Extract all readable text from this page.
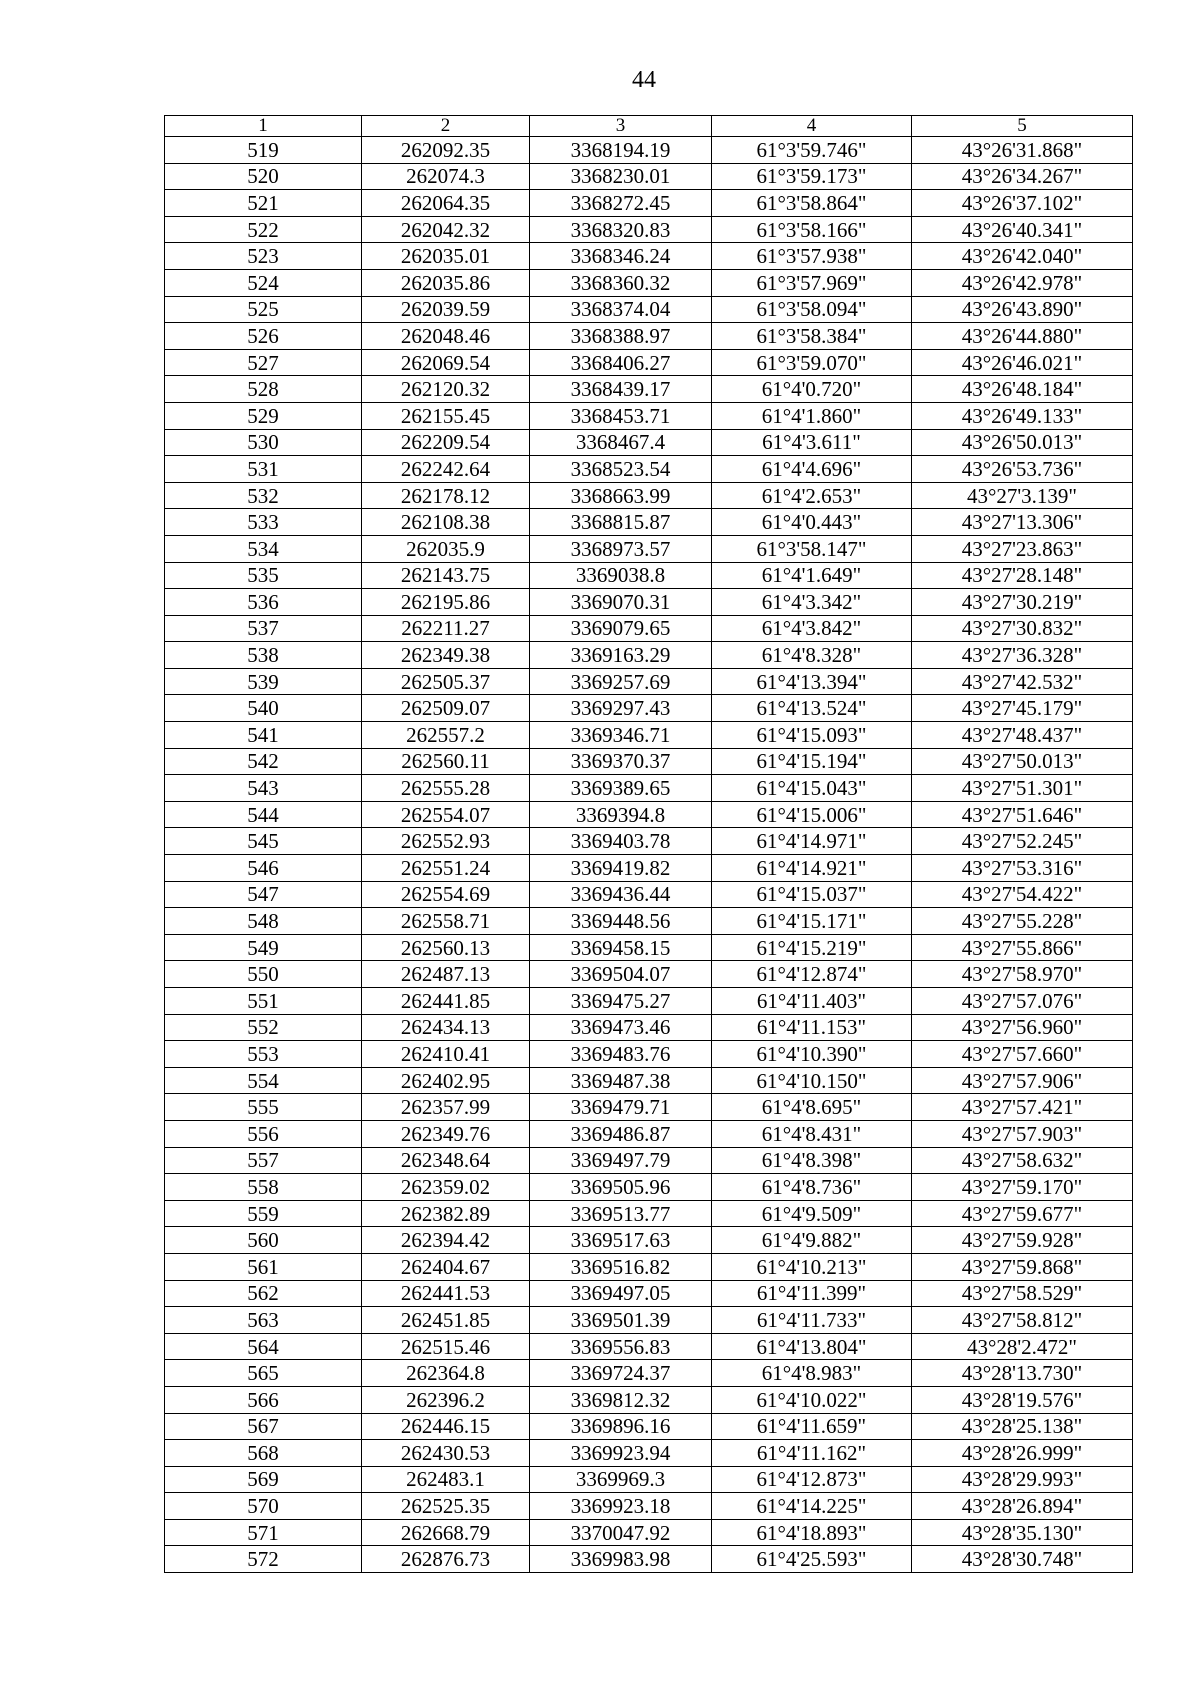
44
1	2	3	4	5
519	262092.35	3368194.19	61°3'59.746"	43°26'31.868"
520	262074.3	3368230.01	61°3'59.173"	43°26'34.267"
521	262064.35	3368272.45	61°3'58.864"	43°26'37.102"
522	262042.32	3368320.83	61°3'58.166"	43°26'40.341"
523	262035.01	3368346.24	61°3'57.938"	43°26'42.040"
524	262035.86	3368360.32	61°3'57.969"	43°26'42.978"
525	262039.59	3368374.04	61°3'58.094"	43°26'43.890"
526	262048.46	3368388.97	61°3'58.384"	43°26'44.880"
527	262069.54	3368406.27	61°3'59.070"	43°26'46.021"
528	262120.32	3368439.17	61°4'0.720"	43°26'48.184"
529	262155.45	3368453.71	61°4'1.860"	43°26'49.133"
530	262209.54	3368467.4	61°4'3.611"	43°26'50.013"
531	262242.64	3368523.54	61°4'4.696"	43°26'53.736"
532	262178.12	3368663.99	61°4'2.653"	43°27'3.139"
533	262108.38	3368815.87	61°4'0.443"	43°27'13.306"
534	262035.9	3368973.57	61°3'58.147"	43°27'23.863"
535	262143.75	3369038.8	61°4'1.649"	43°27'28.148"
536	262195.86	3369070.31	61°4'3.342"	43°27'30.219"
537	262211.27	3369079.65	61°4'3.842"	43°27'30.832"
538	262349.38	3369163.29	61°4'8.328"	43°27'36.328"
539	262505.37	3369257.69	61°4'13.394"	43°27'42.532"
540	262509.07	3369297.43	61°4'13.524"	43°27'45.179"
541	262557.2	3369346.71	61°4'15.093"	43°27'48.437"
542	262560.11	3369370.37	61°4'15.194"	43°27'50.013"
543	262555.28	3369389.65	61°4'15.043"	43°27'51.301"
544	262554.07	3369394.8	61°4'15.006"	43°27'51.646"
545	262552.93	3369403.78	61°4'14.971"	43°27'52.245"
546	262551.24	3369419.82	61°4'14.921"	43°27'53.316"
547	262554.69	3369436.44	61°4'15.037"	43°27'54.422"
548	262558.71	3369448.56	61°4'15.171"	43°27'55.228"
549	262560.13	3369458.15	61°4'15.219"	43°27'55.866"
550	262487.13	3369504.07	61°4'12.874"	43°27'58.970"
551	262441.85	3369475.27	61°4'11.403"	43°27'57.076"
552	262434.13	3369473.46	61°4'11.153"	43°27'56.960"
553	262410.41	3369483.76	61°4'10.390"	43°27'57.660"
554	262402.95	3369487.38	61°4'10.150"	43°27'57.906"
555	262357.99	3369479.71	61°4'8.695"	43°27'57.421"
556	262349.76	3369486.87	61°4'8.431"	43°27'57.903"
557	262348.64	3369497.79	61°4'8.398"	43°27'58.632"
558	262359.02	3369505.96	61°4'8.736"	43°27'59.170"
559	262382.89	3369513.77	61°4'9.509"	43°27'59.677"
560	262394.42	3369517.63	61°4'9.882"	43°27'59.928"
561	262404.67	3369516.82	61°4'10.213"	43°27'59.868"
562	262441.53	3369497.05	61°4'11.399"	43°27'58.529"
563	262451.85	3369501.39	61°4'11.733"	43°27'58.812"
564	262515.46	3369556.83	61°4'13.804"	43°28'2.472"
565	262364.8	3369724.37	61°4'8.983"	43°28'13.730"
566	262396.2	3369812.32	61°4'10.022"	43°28'19.576"
567	262446.15	3369896.16	61°4'11.659"	43°28'25.138"
568	262430.53	3369923.94	61°4'11.162"	43°28'26.999"
569	262483.1	3369969.3	61°4'12.873"	43°28'29.993"
570	262525.35	3369923.18	61°4'14.225"	43°28'26.894"
571	262668.79	3370047.92	61°4'18.893"	43°28'35.130"
572	262876.73	3369983.98	61°4'25.593"	43°28'30.748"
